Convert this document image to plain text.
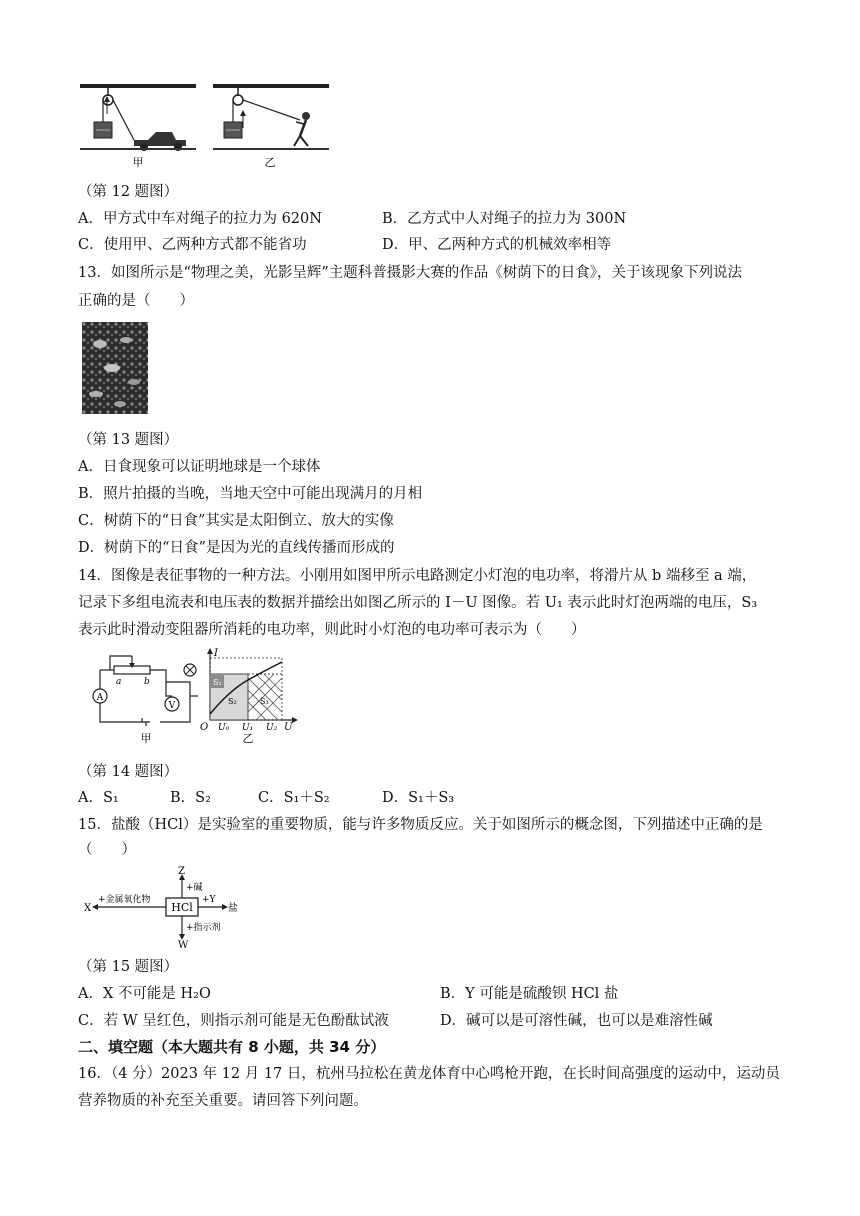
甲	乙
（第 12 题图）
A．甲方式中车对绳子的拉力为 620N	B．乙方式中人对绳子的拉力为 300N
C．使用甲、乙两种方式都不能省功	D．甲、乙两种方式的机械效率相等
13．如图所示是“物理之美，光影呈辉”主题科普摄影大赛的作品《树荫下的日食》，关于该现象下列说法
正确的是（　　）
（第 13 题图）
A．日食现象可以证明地球是一个球体
B．照片拍摄的当晚，当地天空中可能出现满月的月相
C．树荫下的“日食”其实是太阳倒立、放大的实像
D．树荫下的“日食”是因为光的直线传播而形成的
14．图像是表征事物的一种方法。小刚用如图甲所示电路测定小灯泡的电功率，将滑片从 b 端移至 a 端，
记录下多组电流表和电压表的数据并描绘出如图乙所示的 I－U 图像。若 U₁ 表示此时灯泡两端的电压，S₃
表示此时滑动变阻器所消耗的电功率，则此时小灯泡的电功率可表示为（　　）
A
V
a	b
甲
I
O U₀ U₁ U₂ U
S₁
S₂	S₃
乙
（第 14 题图）
A．S₁	B．S₂	C．S₁＋S₂	D．S₁＋S₃
15．盐酸（HCl）是实验室的重要物质，能与许多物质反应。关于如图所示的概念图，下列描述中正确的是
（　　）
HCl
Z
+碱
X
+金属氧化物	+Y
盐
+指示剂
W
（第 15 题图）
A．X 不可能是 H₂O	B．Y 可能是硫酸钡 HCl 盐
C．若 W 呈红色，则指示剂可能是无色酚酞试液	D．碱可以是可溶性碱，也可以是难溶性碱
二、填空题（本大题共有 8 小题，共 34 分）
16．（4 分）2023 年 12 月 17 日，杭州马拉松在黄龙体育中心鸣枪开跑，在长时间高强度的运动中，运动员
营养物质的补充至关重要。请回答下列问题。
